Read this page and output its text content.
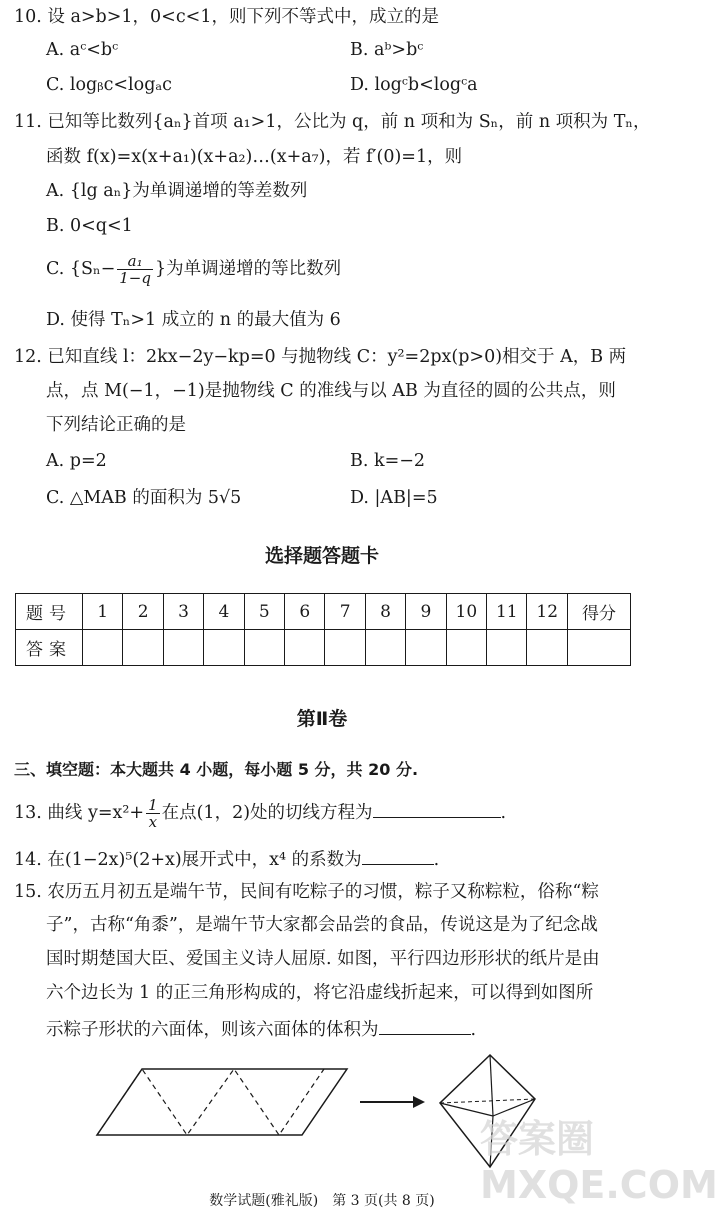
10. 设 a>b>1，0<c<1，则下列不等式中，成立的是
A. aᶜ<bᶜ	B. aᵇ>bᶜ
C. logᵦc<logₐc	D. logᶜb<logᶜa
11. 已知等比数列{aₙ}首项 a₁>1，公比为 q，前 n 项和为 Sₙ，前 n 项积为 Tₙ，
函数 f(x)=x(x+a₁)(x+a₂)…(x+a₇)，若 f′(0)=1，则
A. {lg aₙ}为单调递增的等差数列
B. 0<q<1
C. {$S_n- \frac{\text{a₁}}{1-q}$ }为单调递增的等比数列
D. 使得 Tₙ>1 成立的 n 的最大值为 6
12. 已知直线 l：2kx−2y−kp=0 与抛物线 C：y²=2px(p>0)相交于 A，B 两
点，点 M(−1，−1)是抛物线 C 的准线与以 AB 为直径的圆的公共点，则
下列结论正确的是
A. p=2	B. k=−2
C. △MAB 的面积为 5√5	D. |AB|=5
选择题答题卡
题号	1	2	3	4	5	6	7	8	9	10	11	12	得分
答案													
第Ⅱ卷
三、填空题：本大题共 4 小题，每小题 5 分，共 20 分.
13. 曲线 $y=x^2+ \frac{1}{x}$ 在点(1，2)处的切线方程为	.
14. 在(1−2x)⁵(2+x)展开式中，x⁴ 的系数为	.
15. 农历五月初五是端午节，民间有吃粽子的习惯，粽子又称粽粒，俗称“粽
子”，古称“角黍”，是端午节大家都会品尝的食品，传说这是为了纪念战
国时期楚国大臣、爱国主义诗人屈原. 如图，平行四边形形状的纸片是由
六个边长为 1 的正三角形构成的，将它沿虚线折起来，可以得到如图所
示粽子形状的六面体，则该六面体的体积为	.
答案圈 MXQE.COM
数学试题(雅礼版)　第 3 页(共 8 页)
